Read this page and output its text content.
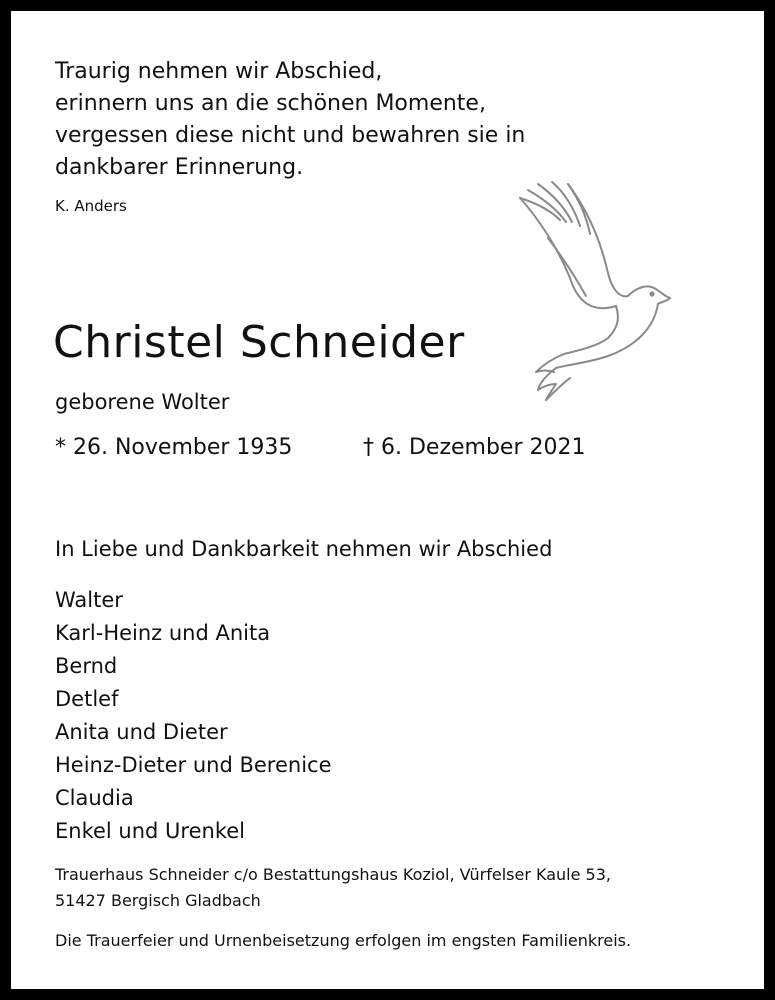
Traurig nehmen wir Abschied,
erinnern uns an die schönen Momente,
vergessen diese nicht und bewahren sie in
dankbarer Erinnerung.
K. Anders
Christel Schneider
geborene Wolter
* 26. November 1935	† 6. Dezember 2021
In Liebe und Dankbarkeit nehmen wir Abschied
Walter
Karl-Heinz und Anita
Bernd
Detlef
Anita und Dieter
Heinz-Dieter und Berenice
Claudia
Enkel und Urenkel
Trauerhaus Schneider c/o Bestattungshaus Koziol, Vürfelser Kaule 53,
51427 Bergisch Gladbach
Die Trauerfeier und Urnenbeisetzung erfolgen im engsten Familienkreis.
